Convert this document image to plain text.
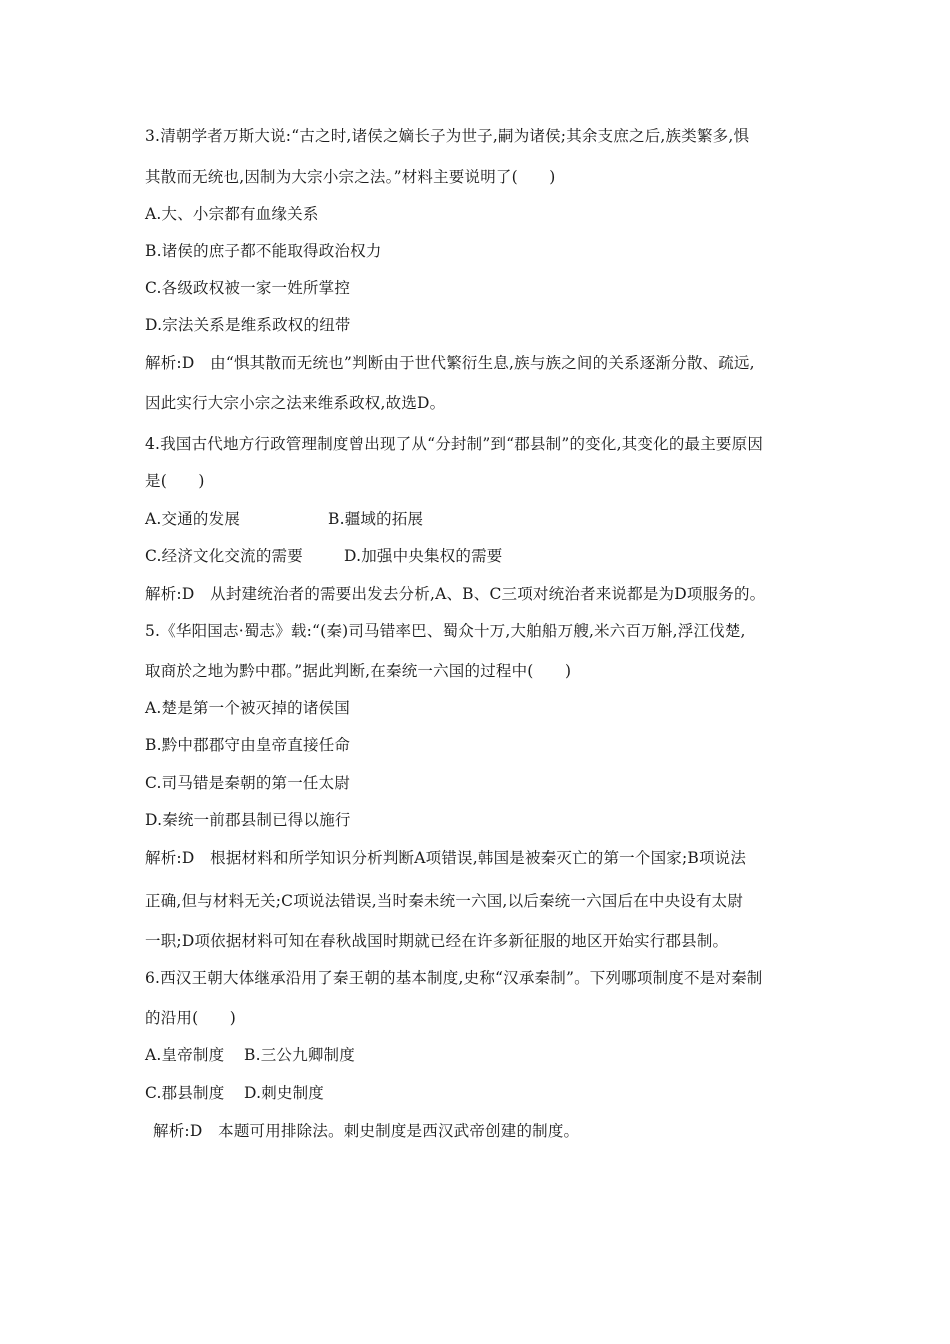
3.清朝学者万斯大说:“古之时,诸侯之嫡长子为世子,嗣为诸侯;其余支庶之后,族类繁多,惧
其散而无统也,因制为大宗小宗之法。”材料主要说明了(　　)
A.大、小宗都有血缘关系
B.诸侯的庶子都不能取得政治权力
C.各级政权被一家一姓所掌控
D.宗法关系是维系政权的纽带
解析:D　由“惧其散而无统也”判断由于世代繁衍生息,族与族之间的关系逐渐分散、疏远,
因此实行大宗小宗之法来维系政权,故选D。
4.我国古代地方行政管理制度曾出现了从“分封制”到“郡县制”的变化,其变化的最主要原因
是(　　)
A.交通的发展	B.疆域的拓展
C.经济文化交流的需要	D.加强中央集权的需要
解析:D　从封建统治者的需要出发去分析,A、B、C三项对统治者来说都是为D项服务的。
5.《华阳国志·蜀志》载:“(秦)司马错率巴、蜀众十万,大舶船万艘,米六百万斛,浮江伐楚,
取商於之地为黔中郡。”据此判断,在秦统一六国的过程中(　　)
A.楚是第一个被灭掉的诸侯国
B.黔中郡郡守由皇帝直接任命
C.司马错是秦朝的第一任太尉
D.秦统一前郡县制已得以施行
解析:D　根据材料和所学知识分析判断A项错误,韩国是被秦灭亡的第一个国家;B项说法
正确,但与材料无关;C项说法错误,当时秦未统一六国,以后秦统一六国后在中央设有太尉
一职;D项依据材料可知在春秋战国时期就已经在许多新征服的地区开始实行郡县制。
6.西汉王朝大体继承沿用了秦王朝的基本制度,史称“汉承秦制”。下列哪项制度不是对秦制
的沿用(　　)
A.皇帝制度 B.三公九卿制度
C.郡县制度 D.刺史制度
解析:D　本题可用排除法。刺史制度是西汉武帝创建的制度。
